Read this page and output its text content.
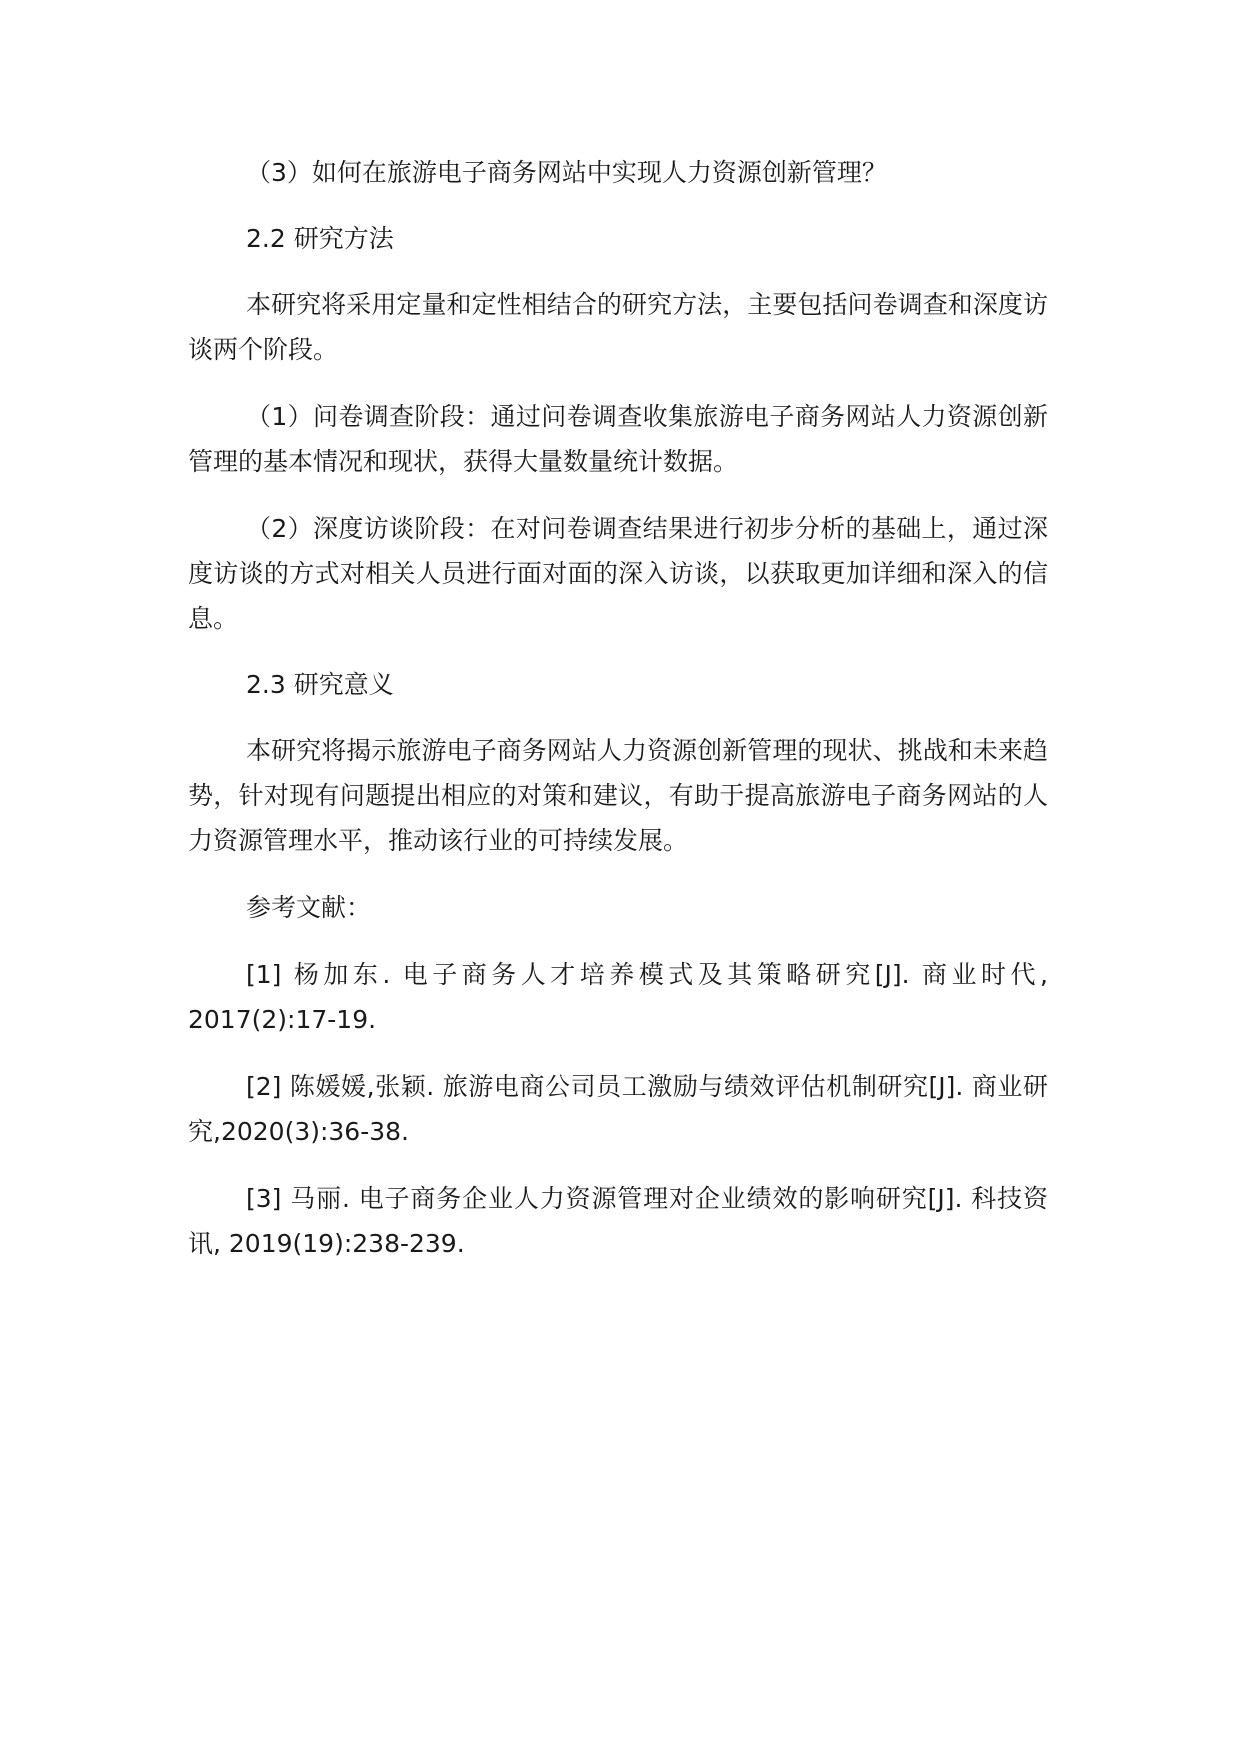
（3）如何在旅游电子商务网站中实现人力资源创新管理？

2.2 研究方法

本研究将采用定量和定性相结合的研究方法，主要包括问卷调查和深度访谈两个阶段。

（1）问卷调查阶段：通过问卷调查收集旅游电子商务网站人力资源创新管理的基本情况和现状，获得大量数量统计数据。

（2）深度访谈阶段：在对问卷调查结果进行初步分析的基础上，通过深度访谈的方式对相关人员进行面对面的深入访谈，以获取更加详细和深入的信息。

2.3 研究意义

本研究将揭示旅游电子商务网站人力资源创新管理的现状、挑战和未来趋势，针对现有问题提出相应的对策和建议，有助于提高旅游电子商务网站的人力资源管理水平，推动该行业的可持续发展。

参考文献：

[1] 杨加东. 电子商务人才培养模式及其策略研究[J]. 商业时代, 2017(2):17-19.

[2] 陈媛媛,张颖. 旅游电商公司员工激励与绩效评估机制研究[J]. 商业研究,2020(3):36-38.

[3] 马丽. 电子商务企业人力资源管理对企业绩效的影响研究[J]. 科技资讯, 2019(19):238-239.
